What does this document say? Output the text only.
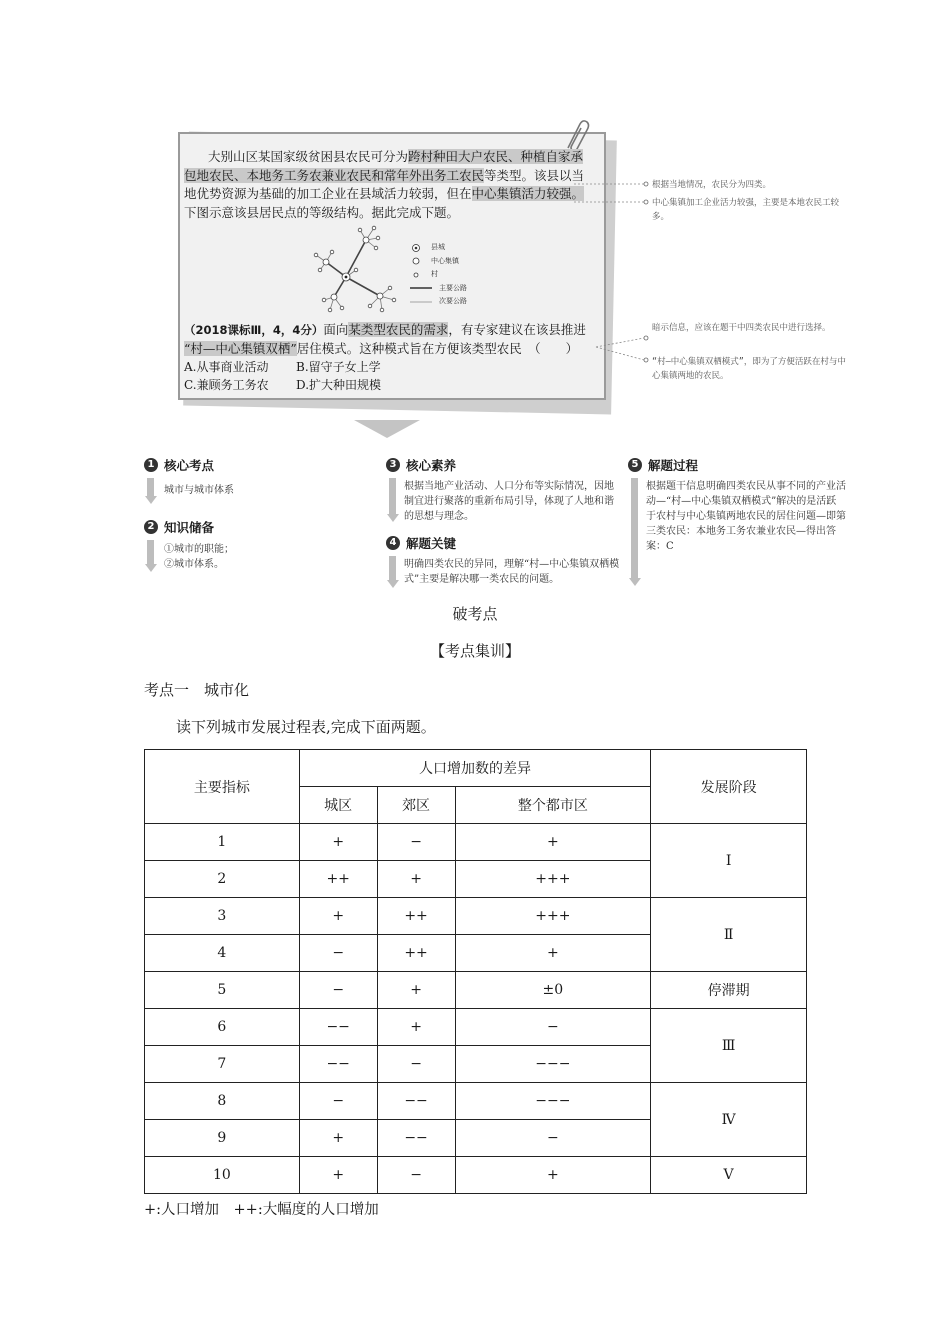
大别山区某国家级贫困县农民可分为跨村种田大户农民、种植自家承包地农民、本地务工务农兼业农民和常年外出务工农民等类型。该县以当地优势资源为基础的加工企业在县域活力较弱，但在中心集镇活力较强。
下图示意该县居民点的等级结构。据此完成下题。
县城
中心集镇
村
主要公路
次要公路
（2018课标Ⅲ，4，4分）面向某类型农民的需求，有专家建议在该县推进
“村—中心集镇双栖”居住模式。这种模式旨在方便该类型农民　 （　　）
A.从事商业活动 B.留守子女上学
C.兼顾务工务农 D.扩大种田规模
根据当地情况，农民分为四类。
中心集镇加工企业活力较强，主要是本地农民工较多。
暗示信息，应该在题干中四类农民中进行选择。
“村—中心集镇双栖模式”，即为了方便活跃在村与中心集镇两地的农民。
1 核心考点
城市与城市体系
2 知识储备
①城市的职能；
②城市体系。
3 核心素养
根据当地产业活动、人口分布等实际情况，因地制宜进行聚落的重新布局引导，体现了人地和谐的思想与理念。
4 解题关键
明确四类农民的异同，理解“村—中心集镇双栖模式”主要是解决哪一类农民的问题。
5 解题过程
根据题干信息明确四类农民从事不同的产业活动—“村—中心集镇双栖模式”解决的是活跃于农村与中心集镇两地农民的居住问题—即第三类农民：本地务工务农兼业农民—得出答案：C
破考点
【考点集训】
考点一　城市化
读下列城市发展过程表,完成下面两题。
主要指标	人口增加数的差异			发展阶段
	城区	郊区	整个都市区	
1	+	−	+	Ⅰ
2	++	+	+++	
3	+	++	+++	Ⅱ
4	−	++	+	
5	−	+	±0	停滞期
6	−−	+	−	Ⅲ
7	−−	−	−−−	
8	−	−−	−−−	Ⅳ
9	+	−−	−	
10	+	−	+	Ⅴ
+:人口增加　++:大幅度的人口增加
